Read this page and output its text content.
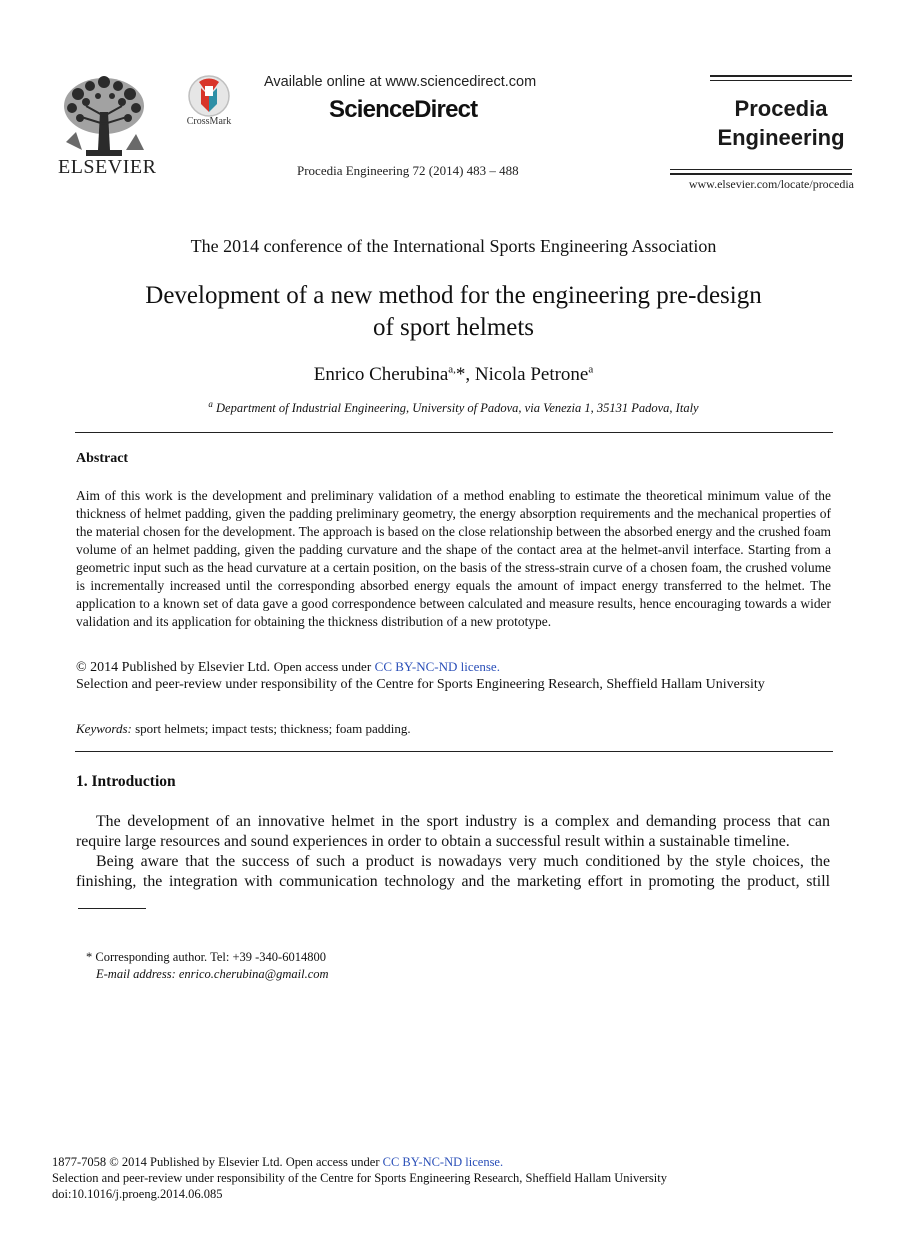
ELSEVIER
CrossMark
Available online at www.sciencedirect.com
ScienceDirect
Procedia Engineering 72 (2014) 483 – 488
Procedia
Engineering
www.elsevier.com/locate/procedia
The 2014 conference of the International Sports Engineering Association
Development of a new method for the engineering pre-design
of sport helmets
Enrico Cherubina$^{a,}$*, Nicola Petrone$^a$
$^a$ Department of Industrial Engineering, University of Padova, via Venezia 1, 35131 Padova, Italy
Abstract
Aim of this work is the development and preliminary validation of a method enabling to estimate the theoretical minimum value of the thickness of helmet padding, given the padding preliminary geometry, the energy absorption requirements and the mechanical properties of the material chosen for the development. The approach is based on the close relationship between the absorbed energy and the crushed foam volume of an helmet padding, given the padding curvature and the shape of the contact area at the helmet-anvil interface. Starting from a geometric input such as the head curvature at a certain position, on the basis of the stress-strain curve of a chosen foam, the crushed volume is incrementally increased until the corresponding absorbed energy equals the amount of impact energy transferred to the helmet. The application to a known set of data gave a good correspondence between calculated and measure results, hence encouraging towards a wider validation and its application for obtaining the thickness distribution of a new prototype.
© 2014 Published by Elsevier Ltd. Open access under CC BY-NC-ND license.
Selection and peer-review under responsibility of the Centre for Sports Engineering Research, Sheffield Hallam University
Keywords: sport helmets; impact tests; thickness; foam padding.
1. Introduction
The development of an innovative helmet in the sport industry is a complex and demanding process that can require large resources and sound experiences in order to obtain a successful result within a sustainable timeline.
Being aware that the success of such a product is nowadays very much conditioned by the style choices, the
finishing, the integration with communication technology and the marketing effort in promoting the product, still
* Corresponding author. Tel: +39 -340-6014800
E-mail address: enrico.cherubina@gmail.com
1877-7058 © 2014 Published by Elsevier Ltd. Open access under CC BY-NC-ND license.
Selection and peer-review under responsibility of the Centre for Sports Engineering Research, Sheffield Hallam University
doi:10.1016/j.proeng.2014.06.085
